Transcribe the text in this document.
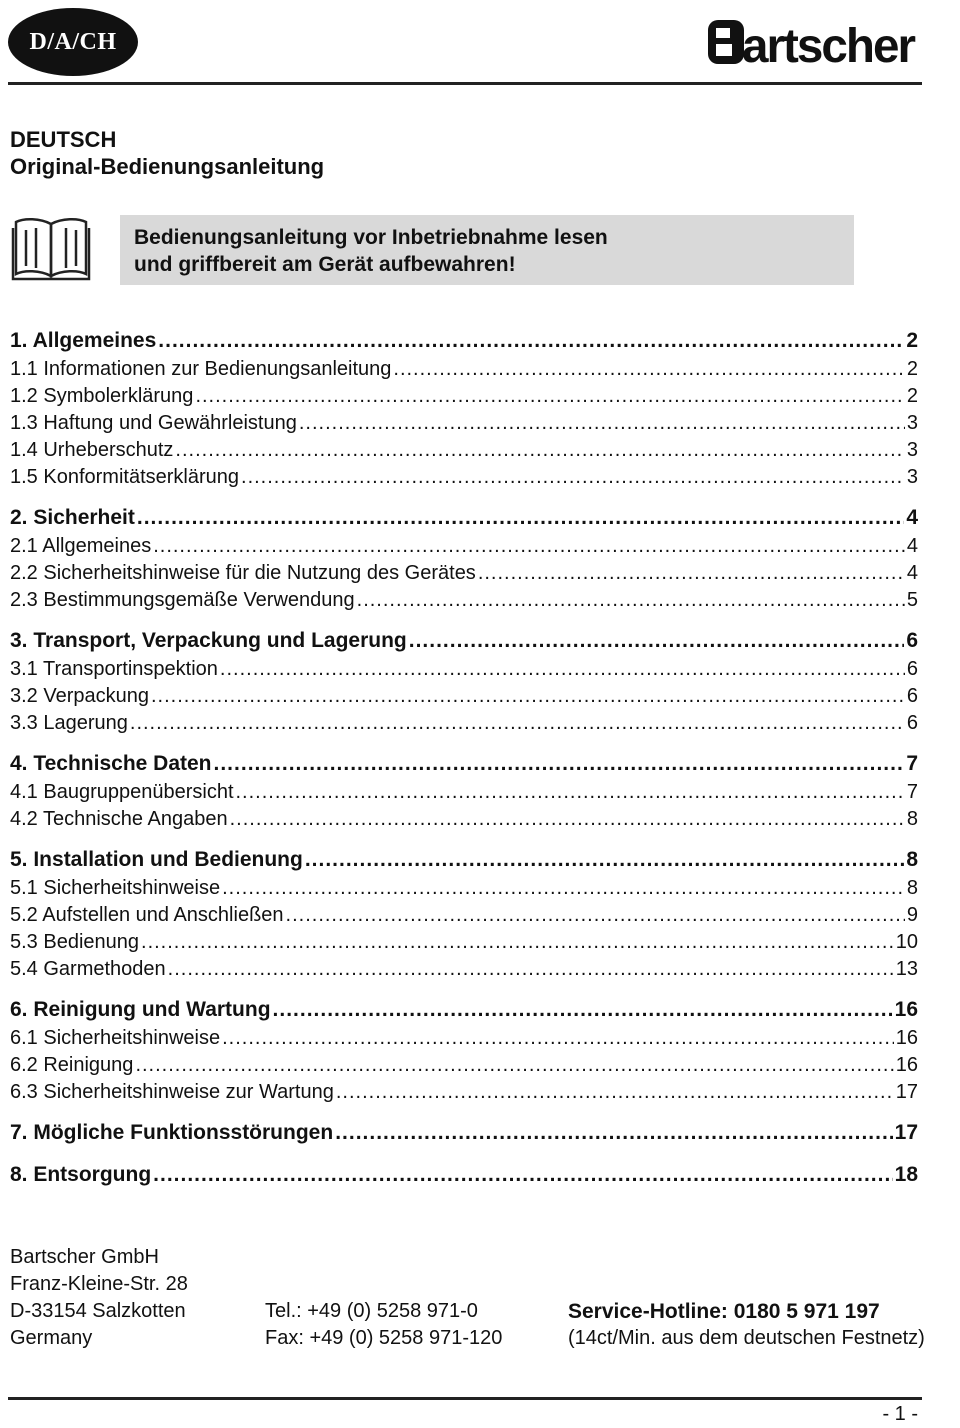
D/A/CH	artscher
DEUTSCH
Original-Bedienungsanleitung
Bedienungsanleitung vor Inbetriebnahme lesen
und griffbereit am Gerät aufbewahren!
1. Allgemeines .....	2
1.1 Informationen zur Bedienungsanleitung .....	2
1.2 Symbolerklärung .....	2
1.3 Haftung und Gewährleistung .....	3
1.4 Urheberschutz .....	3
1.5 Konformitätserklärung .....	3
2. Sicherheit .....	4
2.1 Allgemeines .....	4
2.2 Sicherheitshinweise für die Nutzung des Gerätes .....	4
2.3 Bestimmungsgemäße Verwendung .....	5
3. Transport, Verpackung und Lagerung .....	6
3.1 Transportinspektion .....	6
3.2 Verpackung .....	6
3.3 Lagerung .....	6
4. Technische Daten .....	7
4.1 Baugruppenübersicht .....	7
4.2 Technische Angaben .....	8
5. Installation und Bedienung .....	8
5.1 Sicherheitshinweise .....	8
5.2 Aufstellen und Anschließen .....	9
5.3 Bedienung .....	10
5.4 Garmethoden .....	13
6. Reinigung und Wartung .....	16
6.1 Sicherheitshinweise .....	16
6.2 Reinigung .....	16
6.3 Sicherheitshinweise zur Wartung .....	17
7. Mögliche Funktionsstörungen .....	17
8. Entsorgung .....	18
Bartscher GmbH
Franz-Kleine-Str. 28
D-33154 Salzkotten
Germany
Tel.: +49 (0) 5258 971-0
Fax: +49 (0) 5258 971-120
Service-Hotline: 0180 5 971 197
(14ct/Min. aus dem deutschen Festnetz)
- 1 -
